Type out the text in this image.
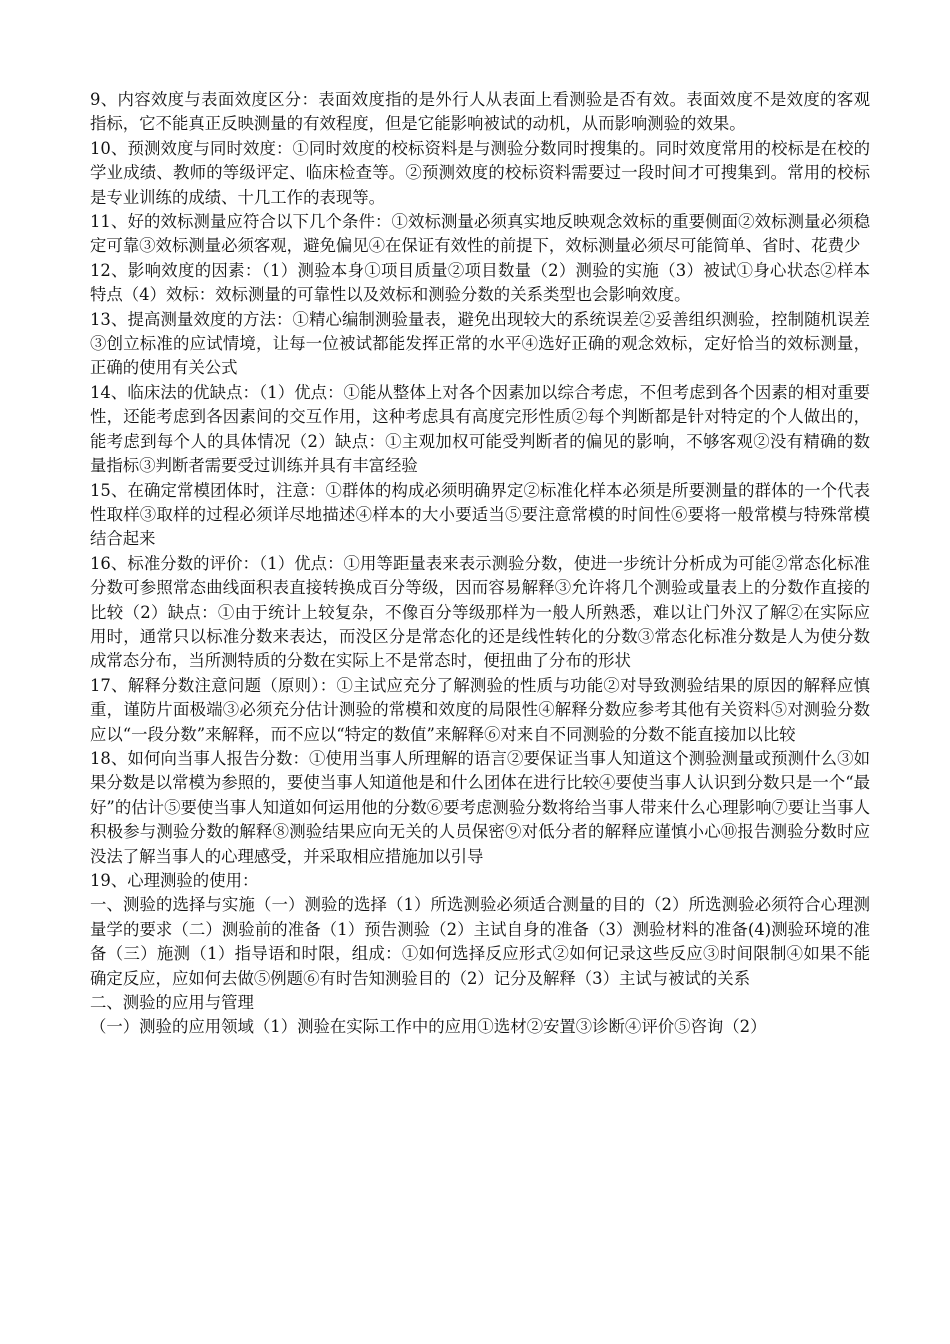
9、内容效度与表面效度区分：表面效度指的是外行人从表面上看测验是否有效。表面效度不是效度的客观指标，它不能真正反映测量的有效程度，但是它能影响被试的动机，从而影响测验的效果。

10、预测效度与同时效度：①同时效度的校标资料是与测验分数同时搜集的。同时效度常用的校标是在校的学业成绩、教师的等级评定、临床检查等。②预测效度的校标资料需要过一段时间才可搜集到。常用的校标是专业训练的成绩、十几工作的表现等。

11、好的效标测量应符合以下几个条件：①效标测量必须真实地反映观念效标的重要侧面②效标测量必须稳定可靠③效标测量必须客观，避免偏见④在保证有效性的前提下，效标测量必须尽可能简单、省时、花费少

12、影响效度的因素：（1）测验本身①项目质量②项目数量（2）测验的实施（3）被试①身心状态②样本特点（4）效标：效标测量的可靠性以及效标和测验分数的关系类型也会影响效度。

13、提高测量效度的方法：①精心编制测验量表，避免出现较大的系统误差②妥善组织测验，控制随机误差③创立标准的应试情境，让每一位被试都能发挥正常的水平④选好正确的观念效标，定好恰当的效标测量，正确的使用有关公式

14、临床法的优缺点：（1）优点：①能从整体上对各个因素加以综合考虑，不但考虑到各个因素的相对重要性，还能考虑到各因素间的交互作用，这种考虑具有高度完形性质②每个判断都是针对特定的个人做出的，能考虑到每个人的具体情况（2）缺点：①主观加权可能受判断者的偏见的影响，不够客观②没有精确的数量指标③判断者需要受过训练并具有丰富经验

15、在确定常模团体时，注意：①群体的构成必须明确界定②标准化样本必须是所要测量的群体的一个代表性取样③取样的过程必须详尽地描述④样本的大小要适当⑤要注意常模的时间性⑥要将一般常模与特殊常模结合起来

16、标准分数的评价：（1）优点：①用等距量表来表示测验分数，使进一步统计分析成为可能②常态化标准分数可参照常态曲线面积表直接转换成百分等级，因而容易解释③允许将几个测验或量表上的分数作直接的比较（2）缺点：①由于统计上较复杂，不像百分等级那样为一般人所熟悉，难以让门外汉了解②在实际应用时，通常只以标准分数来表达，而没区分是常态化的还是线性转化的分数③常态化标准分数是人为使分数成常态分布，当所测特质的分数在实际上不是常态时，便扭曲了分布的形状

17、解释分数注意问题（原则）：①主试应充分了解测验的性质与功能②对导致测验结果的原因的解释应慎重，谨防片面极端③必须充分估计测验的常模和效度的局限性④解释分数应参考其他有关资料⑤对测验分数应以“一段分数”来解释，而不应以“特定的数值”来解释⑥对来自不同测验的分数不能直接加以比较

18、如何向当事人报告分数：①使用当事人所理解的语言②要保证当事人知道这个测验测量或预测什么③如果分数是以常模为参照的，要使当事人知道他是和什么团体在进行比较④要使当事人认识到分数只是一个“最好”的估计⑤要使当事人知道如何运用他的分数⑥要考虑测验分数将给当事人带来什么心理影响⑦要让当事人积极参与测验分数的解释⑧测验结果应向无关的人员保密⑨对低分者的解释应谨慎小心⑩报告测验分数时应没法了解当事人的心理感受，并采取相应措施加以引导

19、心理测验的使用：

一、测验的选择与实施（一）测验的选择（1）所选测验必须适合测量的目的（2）所选测验必须符合心理测量学的要求（二）测验前的准备（1）预告测验（2）主试自身的准备（3）测验材料的准备(4)测验环境的准备（三）施测（1）指导语和时限，组成：①如何选择反应形式②如何记录这些反应③时间限制④如果不能确定反应，应如何去做⑤例题⑥有时告知测验目的（2）记分及解释（3）主试与被试的关系

二、测验的应用与管理

（一）测验的应用领域（1）测验在实际工作中的应用①选材②安置③诊断④评价⑤咨询（2）
